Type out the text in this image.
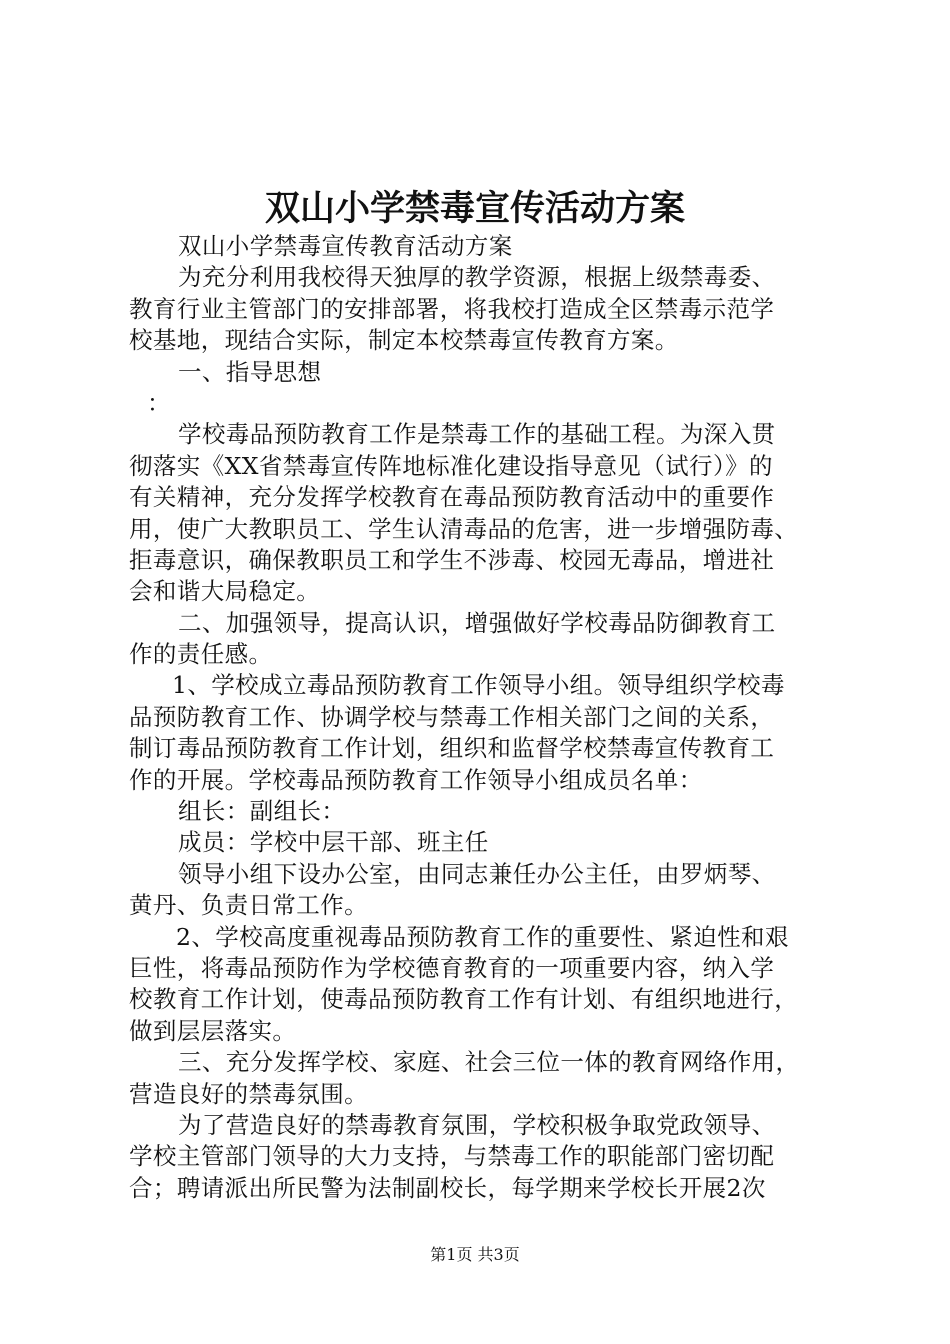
双山小学禁毒宣传活动方案
双山小学禁毒宣传教育活动方案
为充分利用我校得天独厚的教学资源，根据上级禁毒委、
教育行业主管部门的安排部署，将我校打造成全区禁毒示范学
校基地，现结合实际，制定本校禁毒宣传教育方案。
一、指导思想
：
学校毒品预防教育工作是禁毒工作的基础工程。为深入贯
彻落实《XX省禁毒宣传阵地标准化建设指导意见（试行）》的
有关精神，充分发挥学校教育在毒品预防教育活动中的重要作
用，使广大教职员工、学生认清毒品的危害，进一步增强防毒、
拒毒意识，确保教职员工和学生不涉毒、校园无毒品，增进社
会和谐大局稳定。
二、加强领导，提高认识，增强做好学校毒品防御教育工
作的责任感。
1、学校成立毒品预防教育工作领导小组。领导组织学校毒
品预防教育工作、协调学校与禁毒工作相关部门之间的关系，
制订毒品预防教育工作计划，组织和监督学校禁毒宣传教育工
作的开展。学校毒品预防教育工作领导小组成员名单：
组长：副组长：
成员：学校中层干部、班主任
领导小组下设办公室，由同志兼任办公主任，由罗炳琴、
黄丹、负责日常工作。
2、学校高度重视毒品预防教育工作的重要性、紧迫性和艰
巨性，将毒品预防作为学校德育教育的一项重要内容，纳入学
校教育工作计划，使毒品预防教育工作有计划、有组织地进行，
做到层层落实。
三、充分发挥学校、家庭、社会三位一体的教育网络作用，
营造良好的禁毒氛围。
为了营造良好的禁毒教育氛围，学校积极争取党政领导、
学校主管部门领导的大力支持，与禁毒工作的职能部门密切配
合；聘请派出所民警为法制副校长，每学期来学校长开展2次
第1页 共3页
